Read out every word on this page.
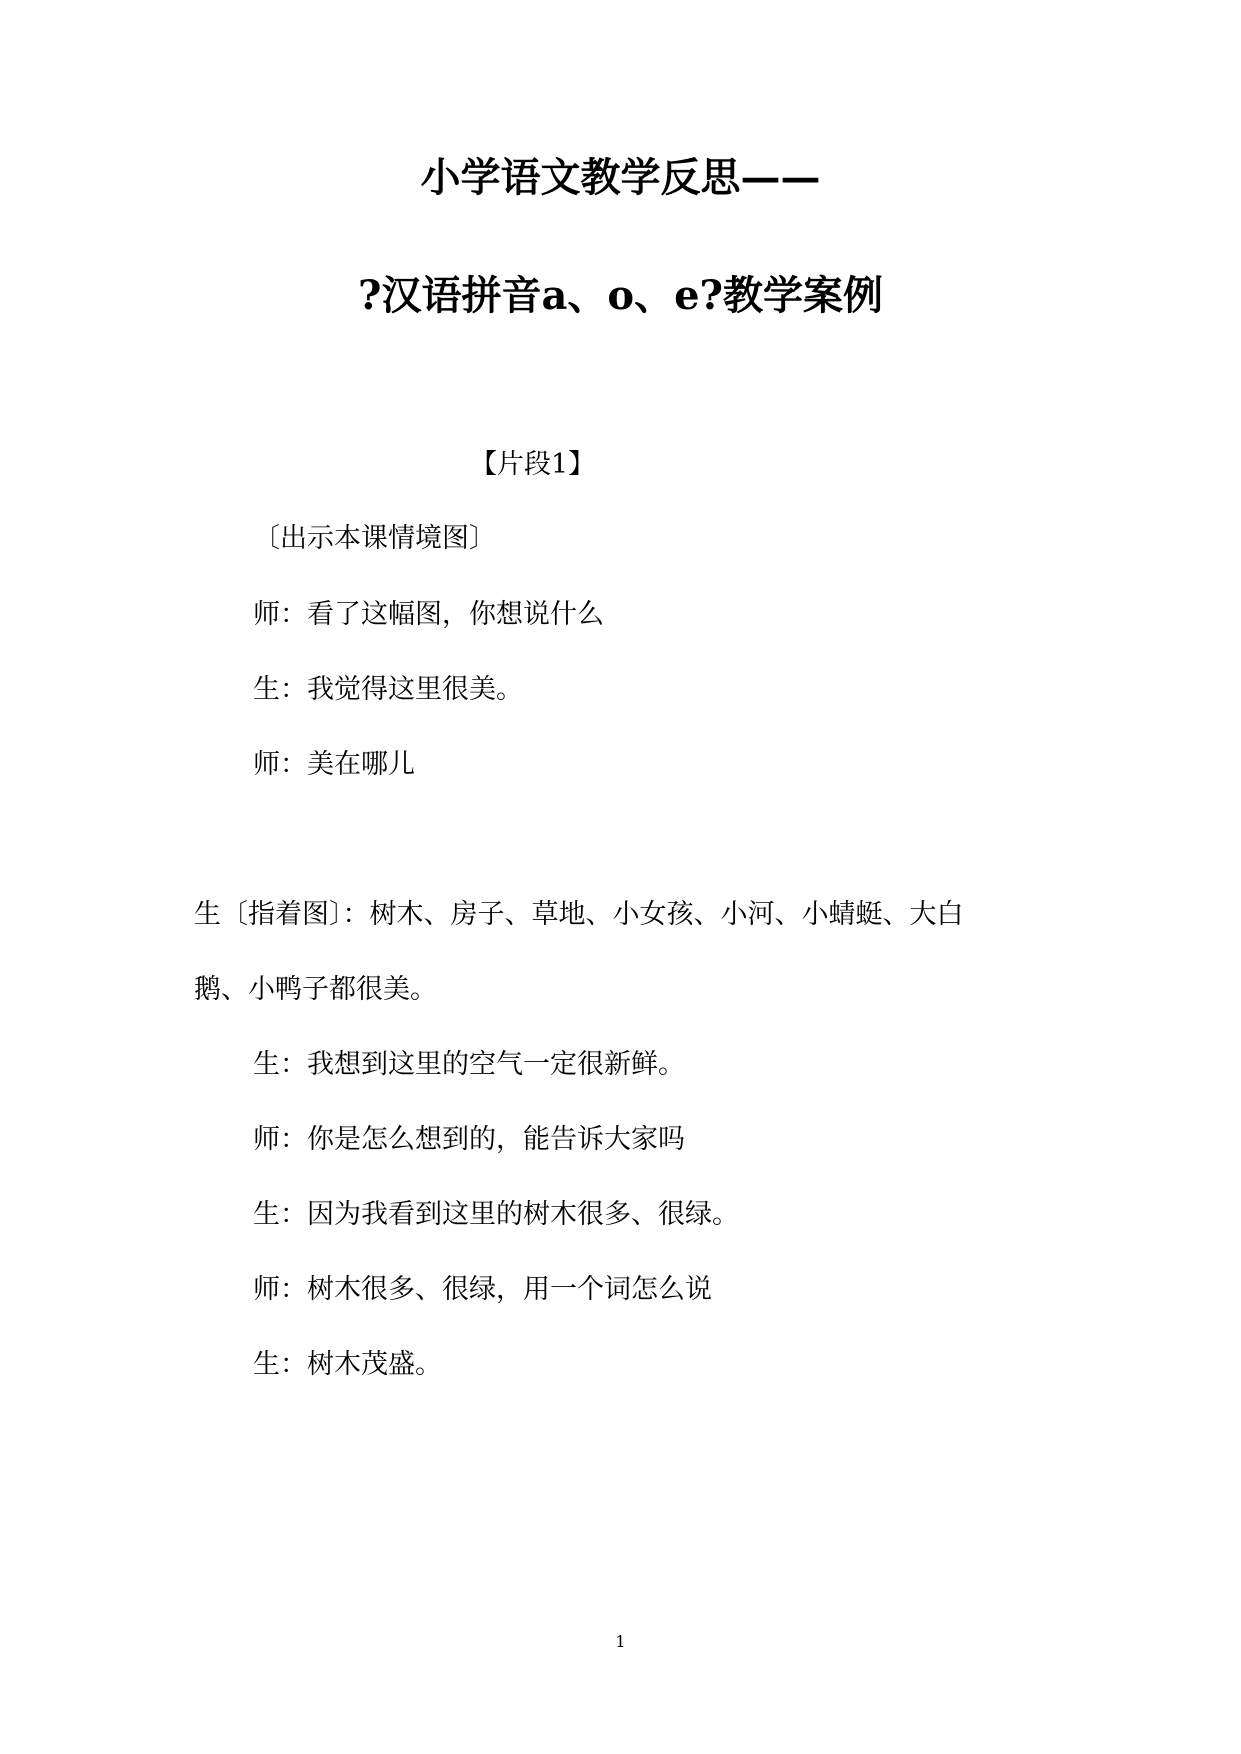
小学语文教学反思——
?汉语拼音a、o、e?教学案例
【片段1】
〔出示本课情境图〕
师：看了这幅图，你想说什么
生：我觉得这里很美。
师：美在哪儿
生〔指着图〕：树木、房子、草地、小女孩、小河、小蜻蜓、大白
鹅、小鸭子都很美。
生：我想到这里的空气一定很新鲜。
师：你是怎么想到的，能告诉大家吗
生：因为我看到这里的树木很多、很绿。
师：树木很多、很绿，用一个词怎么说
生：树木茂盛。
1
